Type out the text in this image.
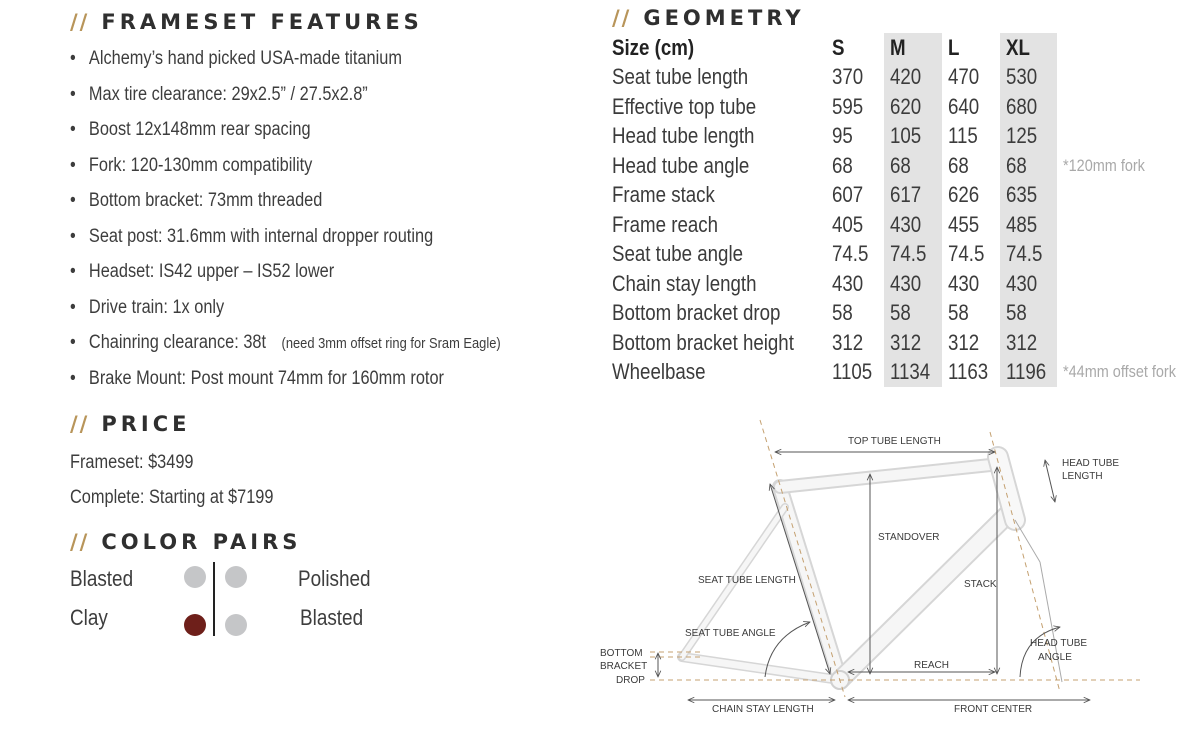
// FRAMESET FEATURES
• Alchemy’s hand picked USA-made titanium
• Max tire clearance: 29x2.5” / 27.5x2.8”
• Boost 12x148mm rear spacing
• Fork: 120-130mm compatibility
• Bottom bracket: 73mm threaded
• Seat post: 31.6mm with internal dropper routing
• Headset: IS42 upper – IS52 lower
• Drive train: 1x only
• Chainring clearance: 38t (need 3mm offset ring for Sram Eagle)
• Brake Mount: Post mount 74mm for 160mm rotor
// PRICE
Frameset: $3499
Complete: Starting at $7199
// COLOR PAIRS
Blasted	Polished
Clay	Blasted
// GEOMETRY
Size (cm)	S	M	L	XL	
Seat tube length	370	420	470	530	
Effective top tube	595	620	640	680	
Head tube length	95	105	115	125	
Head tube angle	68	68	68	68	*120mm fork
Frame stack	607	617	626	635	
Frame reach	405	430	455	485	
Seat tube angle	74.5	74.5	74.5	74.5	
Chain stay length	430	430	430	430	
Bottom bracket drop	58	58	58	58	
Bottom bracket height	312	312	312	312	
Wheelbase	1105	1134	1163	1196	*44mm offset fork
TOP TUBE LENGTH
HEAD TUBE
LENGTH
STANDOVER
SEAT TUBE LENGTH	STACK
SEAT TUBE ANGLE
HEAD TUBE
ANGLE
REACH
BOTTOM
BRACKET
DROP
CHAIN STAY LENGTH	FRONT CENTER
